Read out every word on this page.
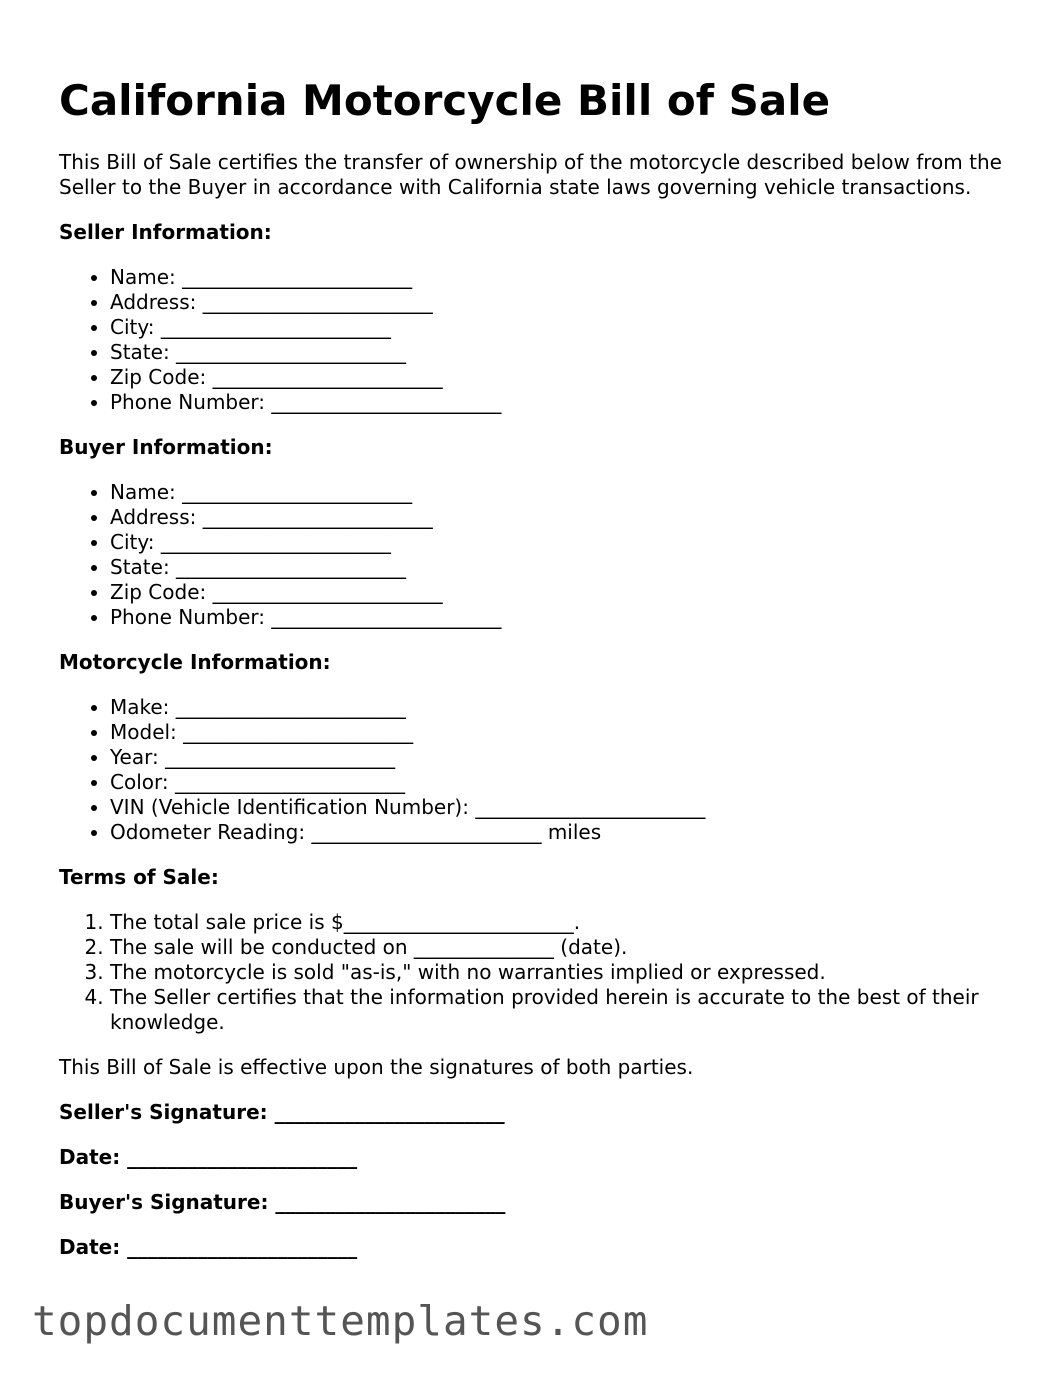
California Motorcycle Bill of Sale

This Bill of Sale certifies the transfer of ownership of the motorcycle described below from the Seller to the Buyer in accordance with California state laws governing vehicle transactions.

Seller Information:
• Name: _______________________
• Address: _______________________
• City: _______________________
• State: _______________________
• Zip Code: _______________________
• Phone Number: _______________________
Buyer Information:
• Name: _______________________
• Address: _______________________
• City: _______________________
• State: _______________________
• Zip Code: _______________________
• Phone Number: _______________________
Motorcycle Information:
• Make: _______________________
• Model: _______________________
• Year: _______________________
• Color: _______________________
• VIN (Vehicle Identification Number): _______________________
• Odometer Reading: _______________________ miles
Terms of Sale:
1. The total sale price is $_______________________.
2. The sale will be conducted on ______________ (date).
3. The motorcycle is sold "as-is," with no warranties implied or expressed.
4. The Seller certifies that the information provided herein is accurate to the best of their knowledge.

This Bill of Sale is effective upon the signatures of both parties.

Seller's Signature: _______________________
Date: _______________________
Buyer's Signature: _______________________
Date: _______________________
topdocumenttemplates.com
